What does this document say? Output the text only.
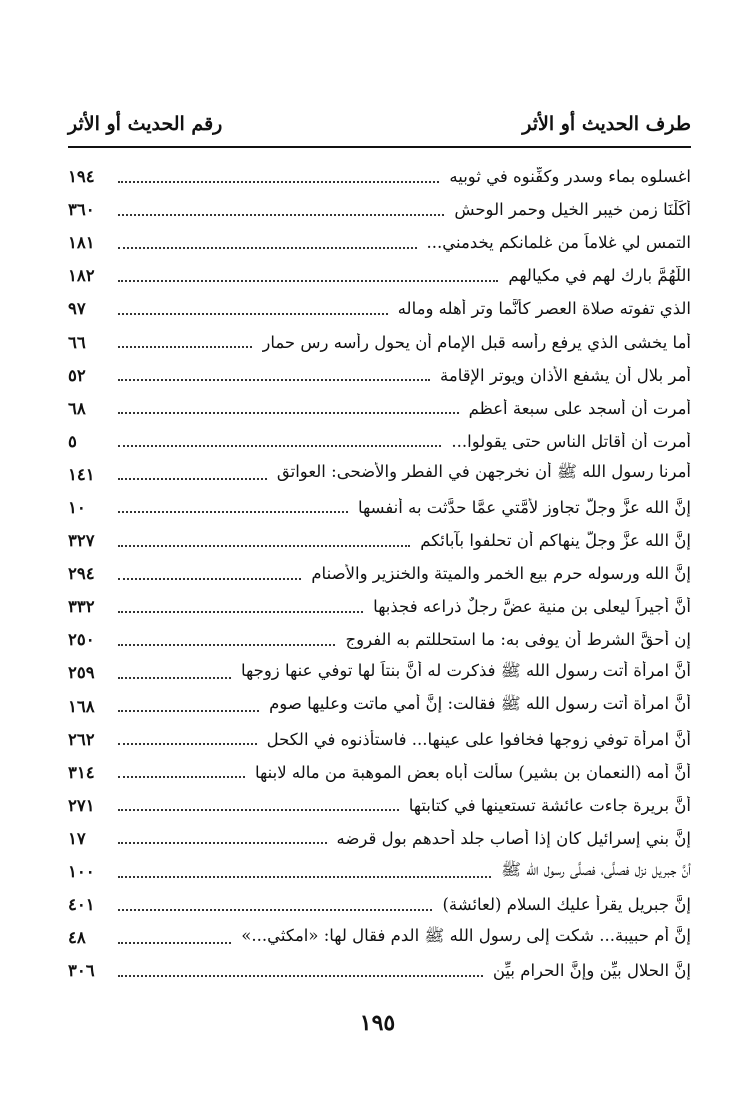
طرف الحديث أو الأثر
رقم الحديث أو الأثر
اغسلوه بماء وسدر وكفِّنوه في ثوبيه
١٩٤
أَكَلْنَا زمن خيبر الخيل وحمر الوحش
٣٦٠
التمس لي غلاماً من غلمانكم يخدمني...
١٨١
اللَّهُمَّ بارك لهم في مكيالهم
١٨٢
الذي تفوته صلاة العصر كأنَّما وتر أهله وماله
٩٧
أما يخشى الذي يرفع رأسه قبل الإمام أن يحول رأسه رس حمار
٦٦
أمر بلال أن يشفع الأذان ويوتر الإقامة
٥٢
أمرت أن أسجد على سبعة أعظم
٦٨
أمرت أن أقاتل الناس حتى يقولوا...
٥
أمرنا رسول الله ﷺ أن نخرجهن في الفطر والأضحى: العواتق
١٤١
إنَّ الله عزَّ وجلَّ تجاوز لأمَّتي عمَّا حدَّثت به أنفسها
١٠
إنَّ الله عزَّ وجلَّ ينهاكم أن تحلفوا بآبائكم
٣٢٧
إنَّ الله ورسوله حرم بيع الخمر والميتة والخنزير والأصنام
٢٩٤
أنَّ أجيراً ليعلى بن منية عضَّ رجلٌ ذراعه فجذبها
٣٣٢
إن أحقَّ الشرط أن يوفى به: ما استحللتم به الفروج
٢٥٠
أنَّ امرأة أتت رسول الله ﷺ فذكرت له أنَّ بنتاً لها توفي عنها زوجها
٢٥٩
أنَّ امرأة أتت رسول الله ﷺ فقالت: إنَّ أمي ماتت وعليها صوم
١٦٨
أنَّ امرأة توفي زوجها فخافوا على عينها... فاستأذنوه في الكحل
٢٦٢
أنَّ أمه (النعمان بن بشير) سألت أباه بعض الموهبة من ماله لابنها
٣١٤
أنَّ بريرة جاءت عائشة تستعينها في كتابتها
٢٧١
إنَّ بني إسرائيل كان إذا أصاب جلد أحدهم بول قرضه
١٧
أنَّ جبريل نزل فصلَّى، فصلَّى رسول الله ﷺ
١٠٠
إنَّ جبريل يقرأ عليك السلام (لعائشة)
٤٠١
إنَّ أم حبيبة... شكت إلى رسول الله ﷺ الدم فقال لها: «امكثي...»
٤٨
إنَّ الحلال بيِّن وإنَّ الحرام بيِّن
٣٠٦
١٩٥
